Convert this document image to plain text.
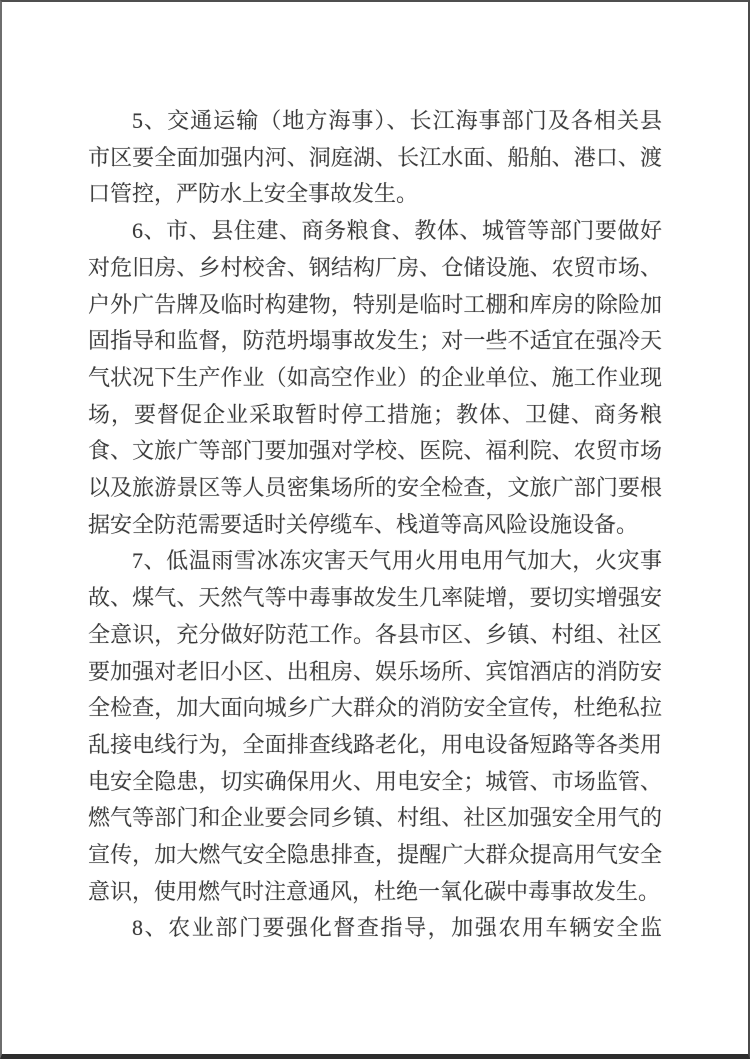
5、交通运输（地方海事）、长江海事部门及各相关县
市区要全面加强内河、洞庭湖、长江水面、船舶、港口、渡
口管控，严防水上安全事故发生。
6、市、县住建、商务粮食、教体、城管等部门要做好
对危旧房、乡村校舍、钢结构厂房、仓储设施、农贸市场、
户外广告牌及临时构建物，特别是临时工棚和库房的除险加
固指导和监督，防范坍塌事故发生；对一些不适宜在强冷天
气状况下生产作业（如高空作业）的企业单位、施工作业现
场，要督促企业采取暂时停工措施；教体、卫健、商务粮
食、文旅广等部门要加强对学校、医院、福利院、农贸市场
以及旅游景区等人员密集场所的安全检查，文旅广部门要根
据安全防范需要适时关停缆车、栈道等高风险设施设备。
7、低温雨雪冰冻灾害天气用火用电用气加大，火灾事
故、煤气、天然气等中毒事故发生几率陡增，要切实增强安
全意识，充分做好防范工作。各县市区、乡镇、村组、社区
要加强对老旧小区、出租房、娱乐场所、宾馆酒店的消防安
全检查，加大面向城乡广大群众的消防安全宣传，杜绝私拉
乱接电线行为，全面排查线路老化，用电设备短路等各类用
电安全隐患，切实确保用火、用电安全；城管、市场监管、
燃气等部门和企业要会同乡镇、村组、社区加强安全用气的
宣传，加大燃气安全隐患排查，提醒广大群众提高用气安全
意识，使用燃气时注意通风，杜绝一氧化碳中毒事故发生。
8、农业部门要强化督查指导，加强农用车辆安全监
